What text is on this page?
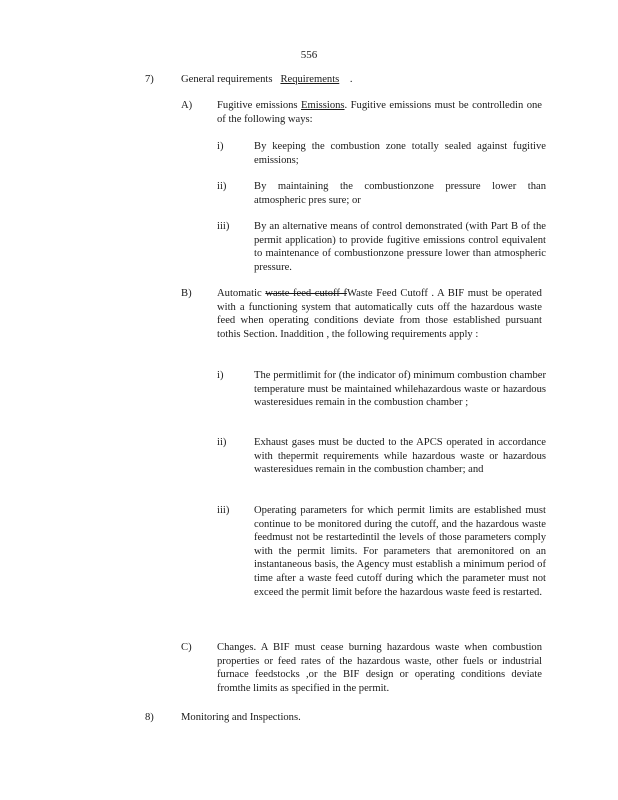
556
7)	General requirements Requirements    .
A) Fugitive emissions Emissions. Fugitive emissions must be controlledin one of the following ways:
i)	By keeping the combustion zone totally sealed against fugitive emissions;
ii)	By maintaining the combustionzone pressure lower than atmospheric pres sure; or
iii) By an alternative means of control demonstrated (with Part B of the permit application) to provide fugitive emissions control equivalent to maintenance of combustionzone pressure lower than atmospheric pressure.
B) Automatic waste feed cutoff fWaste Feed Cutoff . A BIF must be operated with a functioning system that automatically cuts off the hazardous waste feed when operating conditions deviate from those established pursuant tothis Section. Inaddition , the following requirements apply :
i)	The permitlimit for (the indicator of) minimum combustion chamber temperature must be maintained whilehazardous waste or hazardous wasteresidues remain in the combustion chamber ;
ii)	Exhaust gases must be ducted to the APCS operated in accordance with thepermit requirements while hazardous waste or hazardous wasteresidues remain in the combustion chamber; and
iii) Operating parameters for which permit limits are established must continue to be monitored during the cutoff, and the hazardous waste feedmust not be restartedintil the levels of those parameters comply with the permit limits. For parameters that aremonitored on an instantaneous basis, the Agency must establish a minimum period of time after a waste feed cutoff during which the parameter must not exceed the permit limit before the hazardous waste feed is restarted.
C) Changes. A BIF must cease burning hazardous waste when combustion properties or feed rates of the hazardous waste, other fuels or industrial furnace feedstocks ,or the BIF design or operating conditions deviate fromthe limits as specified in the permit.
8)	Monitoring and Inspections.
